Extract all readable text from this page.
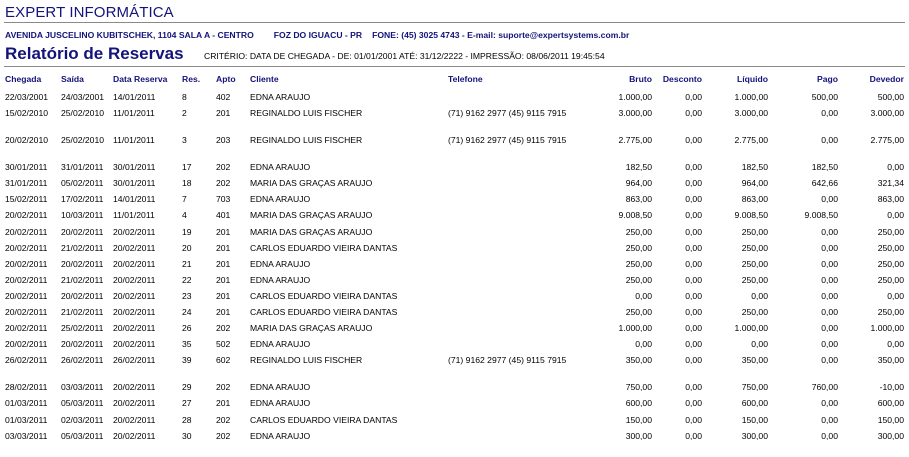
EXPERT INFORMÁTICA
AVENIDA JUSCELINO KUBITSCHEK, 1104 SALA A - CENTRO FOZ DO IGUACU - PR FONE: (45) 3025 4743 - E-mail: suporte@expertsystems.com.br
Relatório de Reservas CRITÉRIO: DATA DE CHEGADA - DE: 01/01/2001 ATÉ: 31/12/2222 - IMPRESSÃO: 08/06/2011 19:45:54
Chegada Saída	Data Reserva Res. Apto Cliente	Telefone	Bruto	Desconto	Líquido	Pago	Devedor
22/03/2001 24/03/2001 14/01/2011	8	402 EDNA ARAUJO	1.000,00	0,00	1.000,00	500,00	500,00
15/02/2010 25/02/2010 11/01/2011	2	201 REGINALDO LUIS FISCHER	(71) 9162 2977 (45) 9115 7915	3.000,00	0,00	3.000,00	0,00	3.000,00
20/02/2010 25/02/2010 11/01/2011	3	203 REGINALDO LUIS FISCHER	(71) 9162 2977 (45) 9115 7915	2.775,00	0,00	2.775,00	0,00	2.775,00
30/01/2011 31/01/2011 30/01/2011	17	202 EDNA ARAUJO	182,50	0,00	182,50	182,50	0,00
31/01/2011 05/02/2011 30/01/2011	18	202 MARIA DAS GRAÇAS ARAUJO	964,00	0,00	964,00	642,66	321,34
15/02/2011 17/02/2011 14/01/2011	7	703 EDNA ARAUJO	863,00	0,00	863,00	0,00	863,00
20/02/2011 10/03/2011 11/01/2011	4	401 MARIA DAS GRAÇAS ARAUJO	9.008,50	0,00	9.008,50	9.008,50	0,00
20/02/2011 20/02/2011 20/02/2011	19	201 MARIA DAS GRAÇAS ARAUJO	250,00	0,00	250,00	0,00	250,00
20/02/2011 21/02/2011 20/02/2011	20	201 CARLOS EDUARDO VIEIRA DANTAS	250,00	0,00	250,00	0,00	250,00
20/02/2011 20/02/2011 20/02/2011	21	201 EDNA ARAUJO	250,00	0,00	250,00	0,00	250,00
20/02/2011 21/02/2011 20/02/2011	22	201 EDNA ARAUJO	250,00	0,00	250,00	0,00	250,00
20/02/2011 20/02/2011 20/02/2011	23	201 CARLOS EDUARDO VIEIRA DANTAS	0,00	0,00	0,00	0,00	0,00
20/02/2011 21/02/2011 20/02/2011	24	201 CARLOS EDUARDO VIEIRA DANTAS	250,00	0,00	250,00	0,00	250,00
20/02/2011 25/02/2011 20/02/2011	26	202 MARIA DAS GRAÇAS ARAUJO	1.000,00	0,00	1.000,00	0,00	1.000,00
20/02/2011 20/02/2011 20/02/2011	35	502 EDNA ARAUJO	0,00	0,00	0,00	0,00	0,00
26/02/2011 26/02/2011 26/02/2011	39	602 REGINALDO LUIS FISCHER	(71) 9162 2977 (45) 9115 7915	350,00	0,00	350,00	0,00	350,00
28/02/2011 03/03/2011 20/02/2011	29	202 EDNA ARAUJO	750,00	0,00	750,00	760,00	-10,00
01/03/2011 05/03/2011 20/02/2011	27	201 EDNA ARAUJO	600,00	0,00	600,00	0,00	600,00
01/03/2011 02/03/2011 20/02/2011	28	202 CARLOS EDUARDO VIEIRA DANTAS	150,00	0,00	150,00	0,00	150,00
03/03/2011 05/03/2011 20/02/2011	30	202 EDNA ARAUJO	300,00	0,00	300,00	0,00	300,00
